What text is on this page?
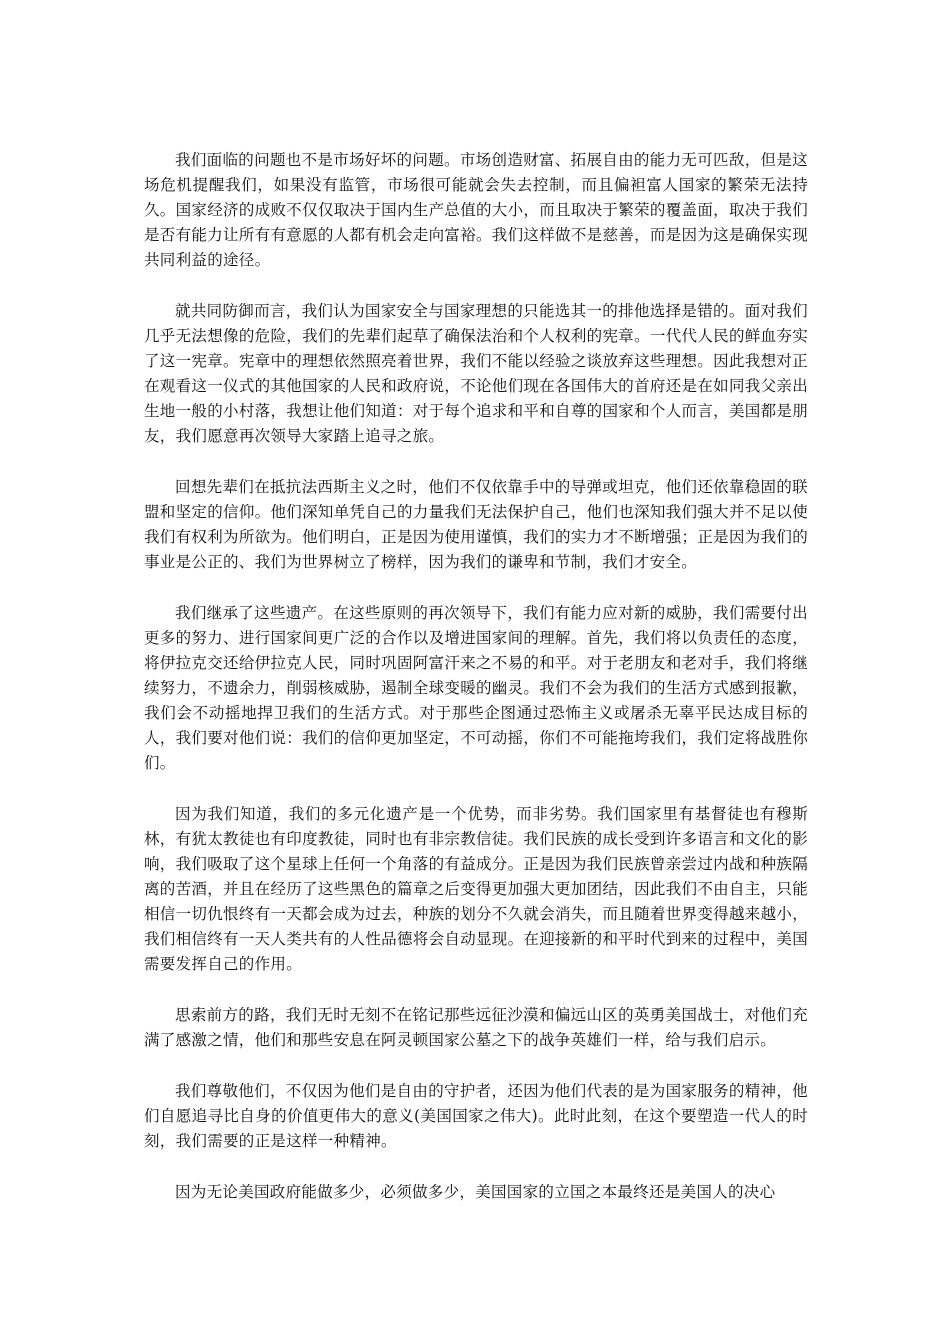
我们面临的问题也不是市场好坏的问题。市场创造财富、拓展自由的能力无可匹敌，但是这场危机提醒我们，如果没有监管，市场很可能就会失去控制，而且偏袒富人国家的繁荣无法持久。国家经济的成败不仅仅取决于国内生产总值的大小，而且取决于繁荣的覆盖面，取决于我们是否有能力让所有有意愿的人都有机会走向富裕。我们这样做不是慈善，而是因为这是确保实现共同利益的途径。

就共同防御而言，我们认为国家安全与国家理想的只能选其一的排他选择是错的。面对我们几乎无法想像的危险，我们的先辈们起草了确保法治和个人权利的宪章。一代代人民的鲜血夯实了这一宪章。宪章中的理想依然照亮着世界，我们不能以经验之谈放弃这些理想。因此我想对正在观看这一仪式的其他国家的人民和政府说，不论他们现在各国伟大的首府还是在如同我父亲出生地一般的小村落，我想让他们知道：对于每个追求和平和自尊的国家和个人而言，美国都是朋友，我们愿意再次领导大家踏上追寻之旅。

回想先辈们在抵抗法西斯主义之时，他们不仅依靠手中的导弹或坦克，他们还依靠稳固的联盟和坚定的信仰。他们深知单凭自己的力量我们无法保护自己，他们也深知我们强大并不足以使我们有权利为所欲为。他们明白，正是因为使用谨慎，我们的实力才不断增强；正是因为我们的事业是公正的、我们为世界树立了榜样，因为我们的谦卑和节制，我们才安全。

我们继承了这些遗产。在这些原则的再次领导下，我们有能力应对新的威胁，我们需要付出更多的努力、进行国家间更广泛的合作以及增进国家间的理解。首先，我们将以负责任的态度，将伊拉克交还给伊拉克人民，同时巩固阿富汗来之不易的和平。对于老朋友和老对手，我们将继续努力，不遗余力，削弱核威胁，遏制全球变暖的幽灵。我们不会为我们的生活方式感到报歉，我们会不动摇地捍卫我们的生活方式。对于那些企图通过恐怖主义或屠杀无辜平民达成目标的人，我们要对他们说：我们的信仰更加坚定，不可动摇，你们不可能拖垮我们，我们定将战胜你们。

因为我们知道，我们的多元化遗产是一个优势，而非劣势。我们国家里有基督徒也有穆斯林，有犹太教徒也有印度教徒，同时也有非宗教信徒。我们民族的成长受到许多语言和文化的影响，我们吸取了这个星球上任何一个角落的有益成分。正是因为我们民族曾亲尝过内战和种族隔离的苦酒，并且在经历了这些黑色的篇章之后变得更加强大更加团结，因此我们不由自主，只能相信一切仇恨终有一天都会成为过去，种族的划分不久就会消失，而且随着世界变得越来越小，我们相信终有一天人类共有的人性品德将会自动显现。在迎接新的和平时代到来的过程中，美国需要发挥自己的作用。

思索前方的路，我们无时无刻不在铭记那些远征沙漠和偏远山区的英勇美国战士，对他们充满了感激之情，他们和那些安息在阿灵顿国家公墓之下的战争英雄们一样，给与我们启示。

我们尊敬他们，不仅因为他们是自由的守护者，还因为他们代表的是为国家服务的精神，他们自愿追寻比自身的价值更伟大的意义(美国国家之伟大)。此时此刻，在这个要塑造一代人的时刻，我们需要的正是这样一种精神。

因为无论美国政府能做多少，必须做多少，美国国家的立国之本最终还是美国人的决心
